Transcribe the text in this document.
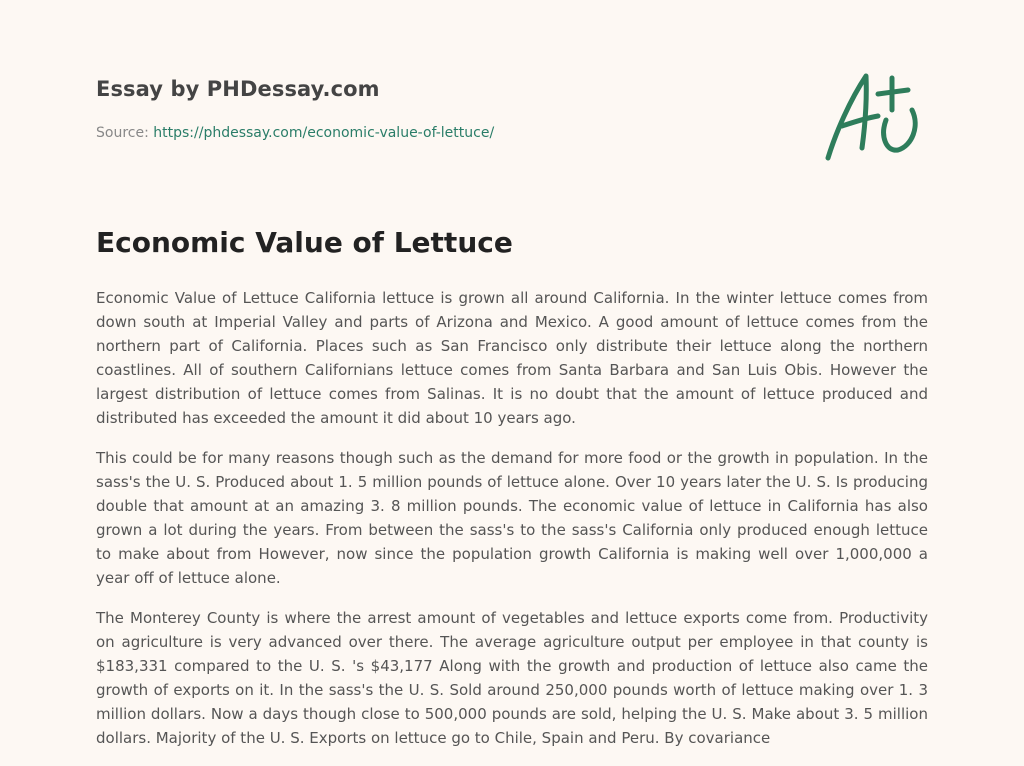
Essay by PHDessay.com
Source: https://phdessay.com/economic-value-of-lettuce/
Economic Value of Lettuce

Economic Value of Lettuce California lettuce is grown all around California. In the winter lettuce comes from down south at Imperial Valley and parts of Arizona and Mexico. A good amount of lettuce comes from the northern part of California. Places such as San Francisco only distribute their lettuce along the northern coastlines. All of southern Californians lettuce comes from Santa Barbara and San Luis Obis. However the largest distribution of lettuce comes from Salinas. It is no doubt that the amount of lettuce produced and distributed has exceeded the amount it did about 10 years ago.

This could be for many reasons though such as the demand for more food or the growth in population. In the sass's the U. S. Produced about 1. 5 million pounds of lettuce alone. Over 10 years later the U. S. Is producing double that amount at an amazing 3. 8 million pounds. The economic value of lettuce in California has also grown a lot during the years. From between the sass's to the sass's California only produced enough lettuce to make about from However, now since the population growth California is making well over 1,000,000 a year off of lettuce alone.

The Monterey County is where the arrest amount of vegetables and lettuce exports come from. Productivity on agriculture is very advanced over there. The average agriculture output per employee in that county is $183,331 compared to the U. S. 's $43,177 Along with the growth and production of lettuce also came the growth of exports on it. In the sass's the U. S. Sold around 250,000 pounds worth of lettuce making over 1. 3 million dollars. Now a days though close to 500,000 pounds are sold, helping the U. S. Make about 3. 5 million dollars. Majority of the U. S. Exports on lettuce go to Chile, Spain and Peru. By covariance
